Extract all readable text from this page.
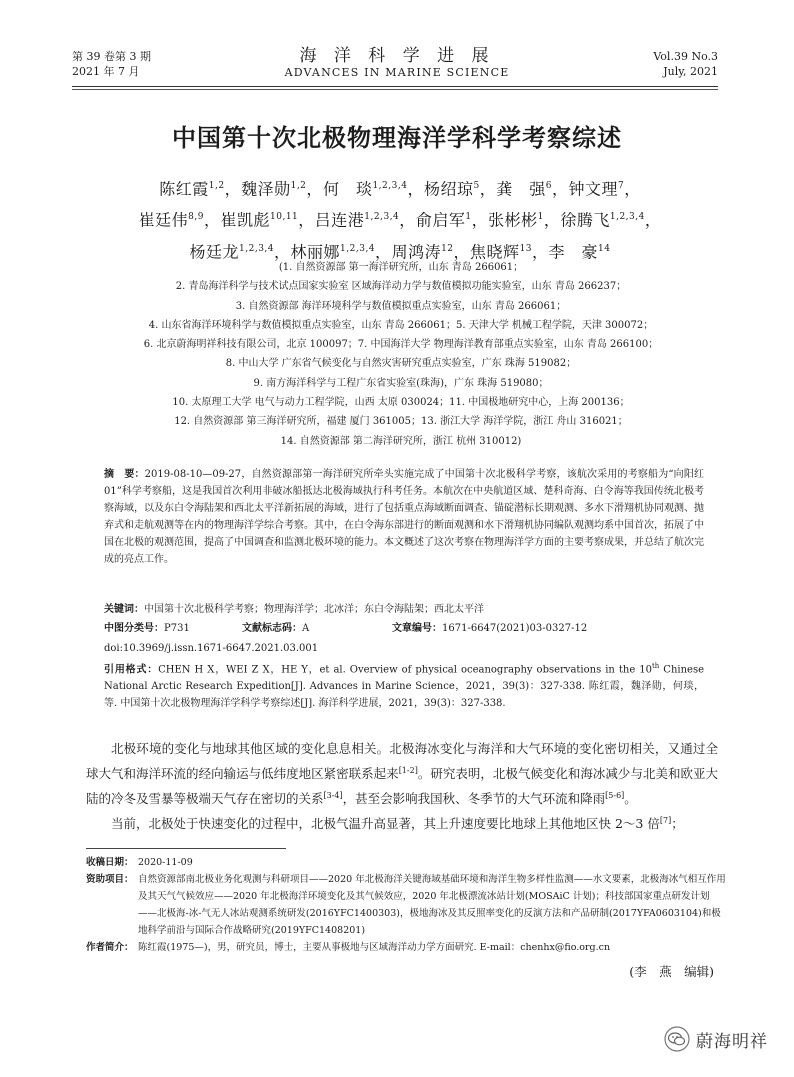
第 39 卷第 3 期
2021 年 7 月
海 洋 科 学 进 展
ADVANCES IN MARINE SCIENCE
Vol.39 No.3
July, 2021
中国第十次北极物理海洋学科学考察综述
陈红霞$^{1,2}$，魏泽勋$^{1,2}$，何　琰$^{1,2,3,4}$，杨绍琼$^5$，龚　强$^6$，钟文理$^7$，
崔廷伟$^{8,9}$，崔凯彪$^{10,11}$，吕连港$^{1,2,3,4}$，俞启军$^1$，张彬彬$^1$，徐腾飞$^{1,2,3,4}$，
杨廷龙$^{1,2,3,4}$，林丽娜$^{1,2,3,4}$，周鸿涛$^{12}$，焦晓辉$^{13}$，李　豪$^{14}$
(1. 自然资源部 第一海洋研究所，山东 青岛 266061；
2. 青岛海洋科学与技术试点国家实验室 区域海洋动力学与数值模拟功能实验室，山东 青岛 266237；
3. 自然资源部 海洋环境科学与数值模拟重点实验室，山东 青岛 266061；
4. 山东省海洋环境科学与数值模拟重点实验室，山东 青岛 266061；5. 天津大学 机械工程学院，天津 300072；
6. 北京蔚海明祥科技有限公司，北京 100097；7. 中国海洋大学 物理海洋教育部重点实验室，山东 青岛 266100；
8. 中山大学 广东省气候变化与自然灾害研究重点实验室，广东 珠海 519082；
9. 南方海洋科学与工程广东省实验室(珠海)，广东 珠海 519080；
10. 太原理工大学 电气与动力工程学院，山西 太原 030024；11. 中国极地研究中心，上海 200136；
12. 自然资源部 第三海洋研究所，福建 厦门 361005；13. 浙江大学 海洋学院，浙江 舟山 316021；
14. 自然资源部 第二海洋研究所，浙江 杭州 310012)
摘　要：2019-08-10—09-27，自然资源部第一海洋研究所牵头实施完成了中国第十次北极科学考察，该航次采用的考察船为“向阳红 01”科学考察船，这是我国首次利用非破冰船抵达北极海域执行科考任务。本航次在中央航道区域、楚科奇海、白令海等我国传统北极考察海域，以及东白令海陆架和西北太平洋新拓展的海域，进行了包括重点海域断面调查、锚碇潜标长期观测、多水下滑翔机协同观测、抛弃式和走航观测等在内的物理海洋学综合考察。其中，在白令海东部进行的断面观测和水下滑翔机协同编队观测均系中国首次，拓展了中国在北极的观测范围，提高了中国调查和监测北极环境的能力。本文概述了这次考察在物理海洋学方面的主要考察成果，并总结了航次完成的亮点工作。
关键词：中国第十次北极科学考察；物理海洋学；北冰洋；东白令海陆架；西北太平洋
中图分类号：P731	文献标志码：A	文章编号：1671-6647(2021)03-0327-12
doi:10.3969/j.issn.1671-6647.2021.03.001
引用格式：CHEN H X，WEI Z X，HE Y，et al. Overview of physical oceanography observations in the 10th Chinese National Arctic Research Expedition[J]. Advances in Marine Science，2021，39(3)：327-338. 陈红霞，魏泽勋，何琰，等. 中国第十次北极物理海洋学科学考察综述[J]. 海洋科学进展，2021，39(3)：327-338.

北极环境的变化与地球其他区域的变化息息相关。北极海冰变化与海洋和大气环境的变化密切相关，又通过全球大气和海洋环流的经向输运与低纬度地区紧密联系起来[1-2]。研究表明，北极气候变化和海冰减少与北美和欧亚大陆的冷冬及雪暴等极端天气存在密切的关系[3-4]，甚至会影响我国秋、冬季节的大气环流和降雨[5-6]。

当前，北极处于快速变化的过程中，北极气温升高显著，其上升速度要比地球上其他地区快 2～3 倍[7]；

收稿日期： 2020-11-09
资助项目： 自然资源部南北极业务化观测与科研项目——2020 年北极海洋关键海域基础环境和海洋生物多样性监测——水文要素，北极海冰气相互作用及其天气气候效应——2020 年北极海洋环境变化及其气候效应，2020 年北极漂流冰站计划(MOSAiC 计划)；科技部国家重点研发计划——北极海-冰-气无人冰站观测系统研发(2016YFC1400303)，极地海冰及其反照率变化的反演方法和产品研制(2017YFA0603104)和极地科学前沿与国际合作战略研究(2019YFC1408201)
作者简介： 陈红霞(1975—)，男，研究员，博士，主要从事极地与区域海洋动力学方面研究. E-mail：chenhx@fio.org.cn
(李　燕　编辑)
蔚海明祥
